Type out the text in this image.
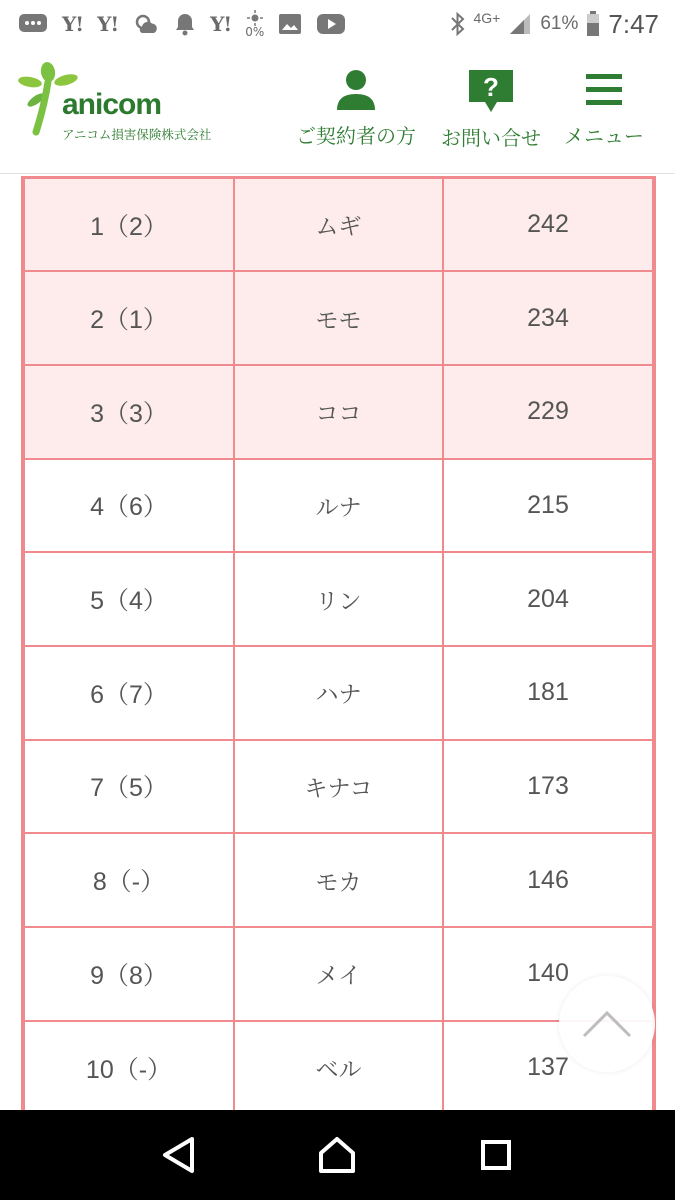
Y! Y!	Y! 0%
4G+ 61% 7:47
anicom
アニコム損害保険株式会社	ご契約者の方
?
お問い合せ メニュー
1（2）	ムギ	242
2（1）	モモ	234
3（3）	ココ	229
4（6）	ルナ	215
5（4）	リン	204
6（7）	ハナ	181
7（5）	キナコ	173
8（-）	モカ	146
9（8）	メイ	140
10（-）	ベル	137
